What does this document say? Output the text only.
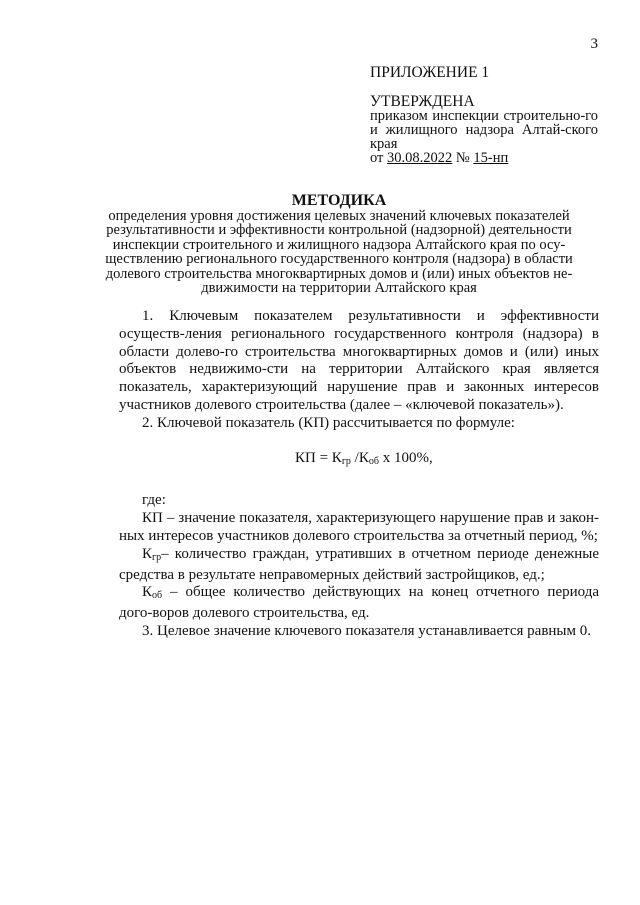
3
ПРИЛОЖЕНИЕ 1
УТВЕРЖДЕНА
приказом инспекции строительно-го и жилищного надзора Алтай-ского края
от 30.08.2022 № 15-нп
МЕТОДИКА
определения уровня достижения целевых значений ключевых показателей результативности и эффективности контрольной (надзорной) деятельности инспекции строительного и жилищного надзора Алтайского края по осу-ществлению регионального государственного контроля (надзора) в области долевого строительства многоквартирных домов и (или) иных объектов не-движимости на территории Алтайского края

1. Ключевым показателем результативности и эффективности осуществ-ления регионального государственного контроля (надзора) в области долево-го строительства многоквартирных домов и (или) иных объектов недвижимо-сти на территории Алтайского края является показатель, характеризующий нарушение прав и законных интересов участников долевого строительства (далее – «ключевой показатель»).

2. Ключевой показатель (КП) рассчитывается по формуле:

КП = $К_{гр}$ $/К_{об}$ х 100%,

где:

КП – значение показателя, характеризующего нарушение прав и закон-ных интересов участников долевого строительства за отчетный период, %;

$К_{гр}-$ количество граждан, утративших в отчетном периоде денежные средства в результате неправомерных действий застройщиков, ед.;

$К_{об}$ – общее количество действующих на конец отчетного периода дого-воров долевого строительства, ед.

3. Целевое значение ключевого показателя устанавливается равным 0.
